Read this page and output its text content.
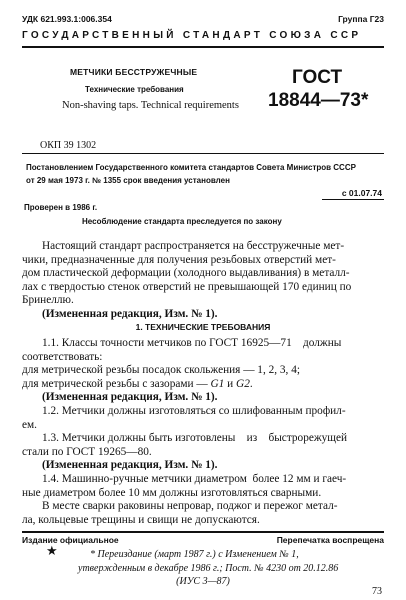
УДК 621.993.1:006.354	Группа Г23
ГОСУДАРСТВЕННЫЙ СТАНДАРТ СОЮЗА ССР
МЕТЧИКИ БЕССТРУЖЕЧНЫЕ
Технические требования
Non-shaving taps. Technical requirements
ГОСТ
18844—73*
ОКП 39 1302
Постановлением Государственного комитета стандартов Совета Министров СССР
от 29 мая 1973 г. № 1355 срок введения установлен
с 01.07.74
Проверен в 1986 г.
Несоблюдение стандарта преследуется по закону

Настоящий стандарт распространяется на бесстружечные мет-

чики, предназначенные для получения резьбовых отверстий мет-

дом пластической деформации (холодного выдавливания) в металл-

лах с твердостью стенок отверстий не превышающей 170 единиц по

Бринеллю.

(Измененная редакция, Изм. № 1).

1. ТЕХНИЧЕСКИЕ ТРЕБОВАНИЯ

1.1. Классы точности метчиков по ГОСТ 16925—71    должны

соответствовать:

для метрической резьбы посадок скольжения — 1, 2, 3, 4;

для метрической резьбы с зазорами — G1 и G2.

(Измененная редакция, Изм. № 1).

1.2. Метчики должны изготовляться со шлифованным профил-

ем.

1.3. Метчики должны быть изготовлены    из    быстрорежущей

стали по ГОСТ 19265—80.

(Измененная редакция, Изм. № 1).

1.4. Машинно-ручные метчики диаметром  более 12 мм и гаеч-

ные диаметром более 10 мм должны изготовляться сварными.

В месте сварки раковины непровар, поджог и пережог метал-

ла, кольцевые трещины и свищи не допускаются.

Издание официальное	Перепечатка воспрещена
★	* Переиздание (март 1987 г.) с Изменением № 1,
утвержденным в декабре 1986 г.; Пост. № 4230 от 20.12.86
(ИУС 3—87)
73
